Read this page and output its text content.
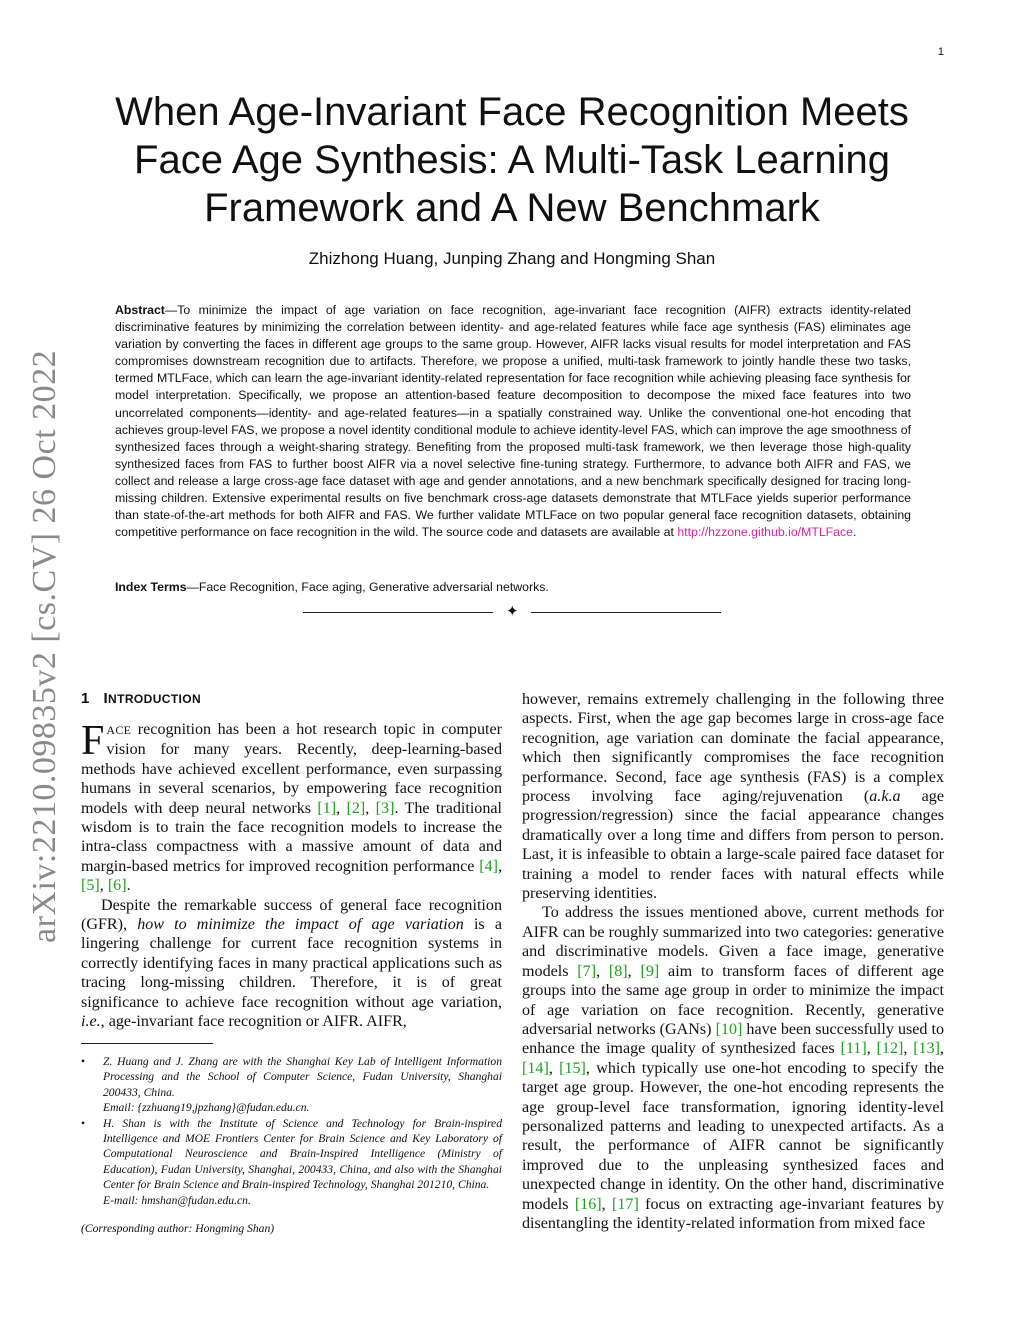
1
arXiv:2210.09835v2 [cs.CV] 26 Oct 2022
When Age-Invariant Face Recognition Meets Face Age Synthesis: A Multi-Task Learning Framework and A New Benchmark
Zhizhong Huang, Junping Zhang and Hongming Shan

Abstract—To minimize the impact of age variation on face recognition, age-invariant face recognition (AIFR) extracts identity-related discriminative features by minimizing the correlation between identity- and age-related features while face age synthesis (FAS) eliminates age variation by converting the faces in different age groups to the same group. However, AIFR lacks visual results for model interpretation and FAS compromises downstream recognition due to artifacts. Therefore, we propose a unified, multi-task framework to jointly handle these two tasks, termed MTLFace, which can learn the age-invariant identity-related representation for face recognition while achieving pleasing face synthesis for model interpretation. Specifically, we propose an attention-based feature decomposition to decompose the mixed face features into two uncorrelated components—identity- and age-related features—in a spatially constrained way. Unlike the conventional one-hot encoding that achieves group-level FAS, we propose a novel identity conditional module to achieve identity-level FAS, which can improve the age smoothness of synthesized faces through a weight-sharing strategy. Benefiting from the proposed multi-task framework, we then leverage those high-quality synthesized faces from FAS to further boost AIFR via a novel selective fine-tuning strategy. Furthermore, to advance both AIFR and FAS, we collect and release a large cross-age face dataset with age and gender annotations, and a new benchmark specifically designed for tracing long-missing children. Extensive experimental results on five benchmark cross-age datasets demonstrate that MTLFace yields superior performance than state-of-the-art methods for both AIFR and FAS. We further validate MTLFace on two popular general face recognition datasets, obtaining competitive performance on face recognition in the wild. The source code and datasets are available at http://hzzone.github.io/MTLFace.

Index Terms—Face Recognition, Face aging, Generative adversarial networks.
✦
1 INTRODUCTION

FACE recognition has been a hot research topic in computer vision for many years. Recently, deep-learning-based methods have achieved excellent performance, even surpassing humans in several scenarios, by empowering face recognition models with deep neural networks [1], [2], [3]. The traditional wisdom is to train the face recognition models to increase the intra-class compactness with a massive amount of data and margin-based metrics for improved recognition performance [4], [5], [6].

Despite the remarkable success of general face recognition (GFR), how to minimize the impact of age variation is a lingering challenge for current face recognition systems in correctly identifying faces in many practical applications such as tracing long-missing children. Therefore, it is of great significance to achieve face recognition without age variation, i.e., age-invariant face recognition or AIFR. AIFR,

however, remains extremely challenging in the following three aspects. First, when the age gap becomes large in cross-age face recognition, age variation can dominate the facial appearance, which then significantly compromises the face recognition performance. Second, face age synthesis (FAS) is a complex process involving face aging/rejuvenation (a.k.a age progression/regression) since the facial appearance changes dramatically over a long time and differs from person to person. Last, it is infeasible to obtain a large-scale paired face dataset for training a model to render faces with natural effects while preserving identities.

To address the issues mentioned above, current methods for AIFR can be roughly summarized into two categories: generative and discriminative models. Given a face image, generative models [7], [8], [9] aim to transform faces of different age groups into the same age group in order to minimize the impact of age variation on face recognition. Recently, generative adversarial networks (GANs) [10] have been successfully used to enhance the image quality of synthesized faces [11], [12], [13], [14], [15], which typically use one-hot encoding to specify the target age group. However, the one-hot encoding represents the age group-level face transformation, ignoring identity-level personalized patterns and leading to unexpected artifacts. As a result, the performance of AIFR cannot be significantly improved due to the unpleasing synthesized faces and unexpected change in identity. On the other hand, discriminative models [16], [17] focus on extracting age-invariant features by disentangling the identity-related information from mixed face

• Z. Huang and J. Zhang are with the Shanghai Key Lab of Intelligent Information Processing and the School of Computer Science, Fudan University, Shanghai 200433, China.
Email: {zzhuang19,jpzhang}@fudan.edu.cn.

• H. Shan is with the Institute of Science and Technology for Brain-inspired Intelligence and MOE Frontiers Center for Brain Science and Key Laboratory of Computational Neuroscience and Brain-Inspired Intelligence (Ministry of Education), Fudan University, Shanghai, 200433, China, and also with the Shanghai Center for Brain Science and Brain-inspired Technology, Shanghai 201210, China.
E-mail: hmshan@fudan.edu.cn.

(Corresponding author: Hongming Shan)
